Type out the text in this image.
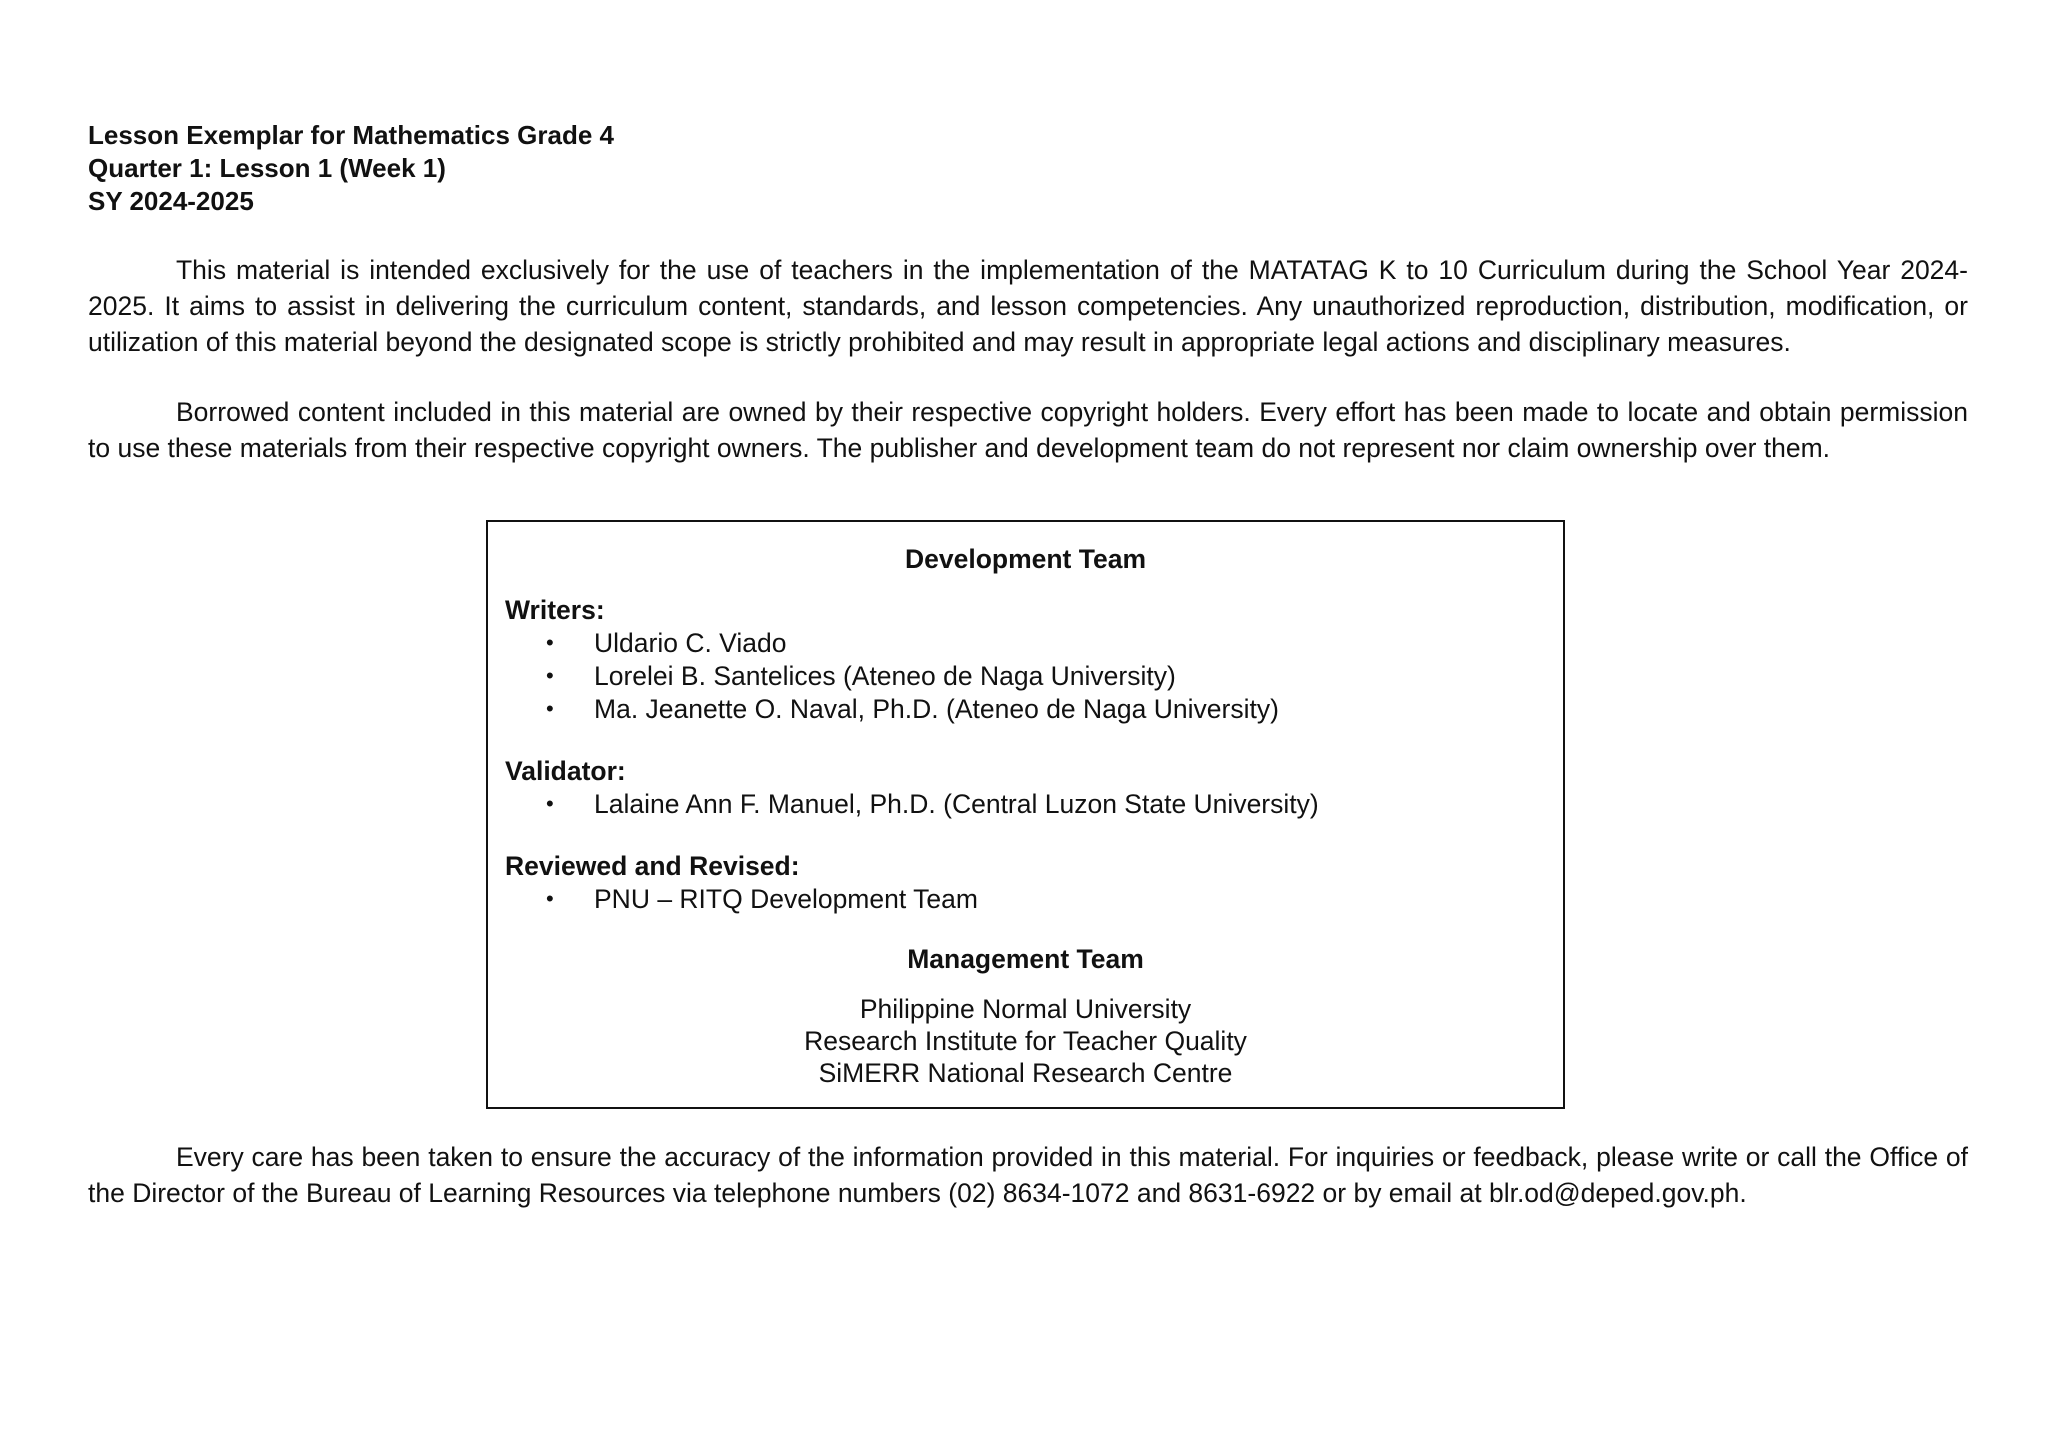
Lesson Exemplar for Mathematics Grade 4
Quarter 1: Lesson 1 (Week 1)
SY 2024-2025

This material is intended exclusively for the use of teachers in the implementation of the MATATAG K to 10 Curriculum during the School Year 2024-2025. It aims to assist in delivering the curriculum content, standards, and lesson competencies. Any unauthorized reproduction, distribution, modification, or utilization of this material beyond the designated scope is strictly prohibited and may result in appropriate legal actions and disciplinary measures.

Borrowed content included in this material are owned by their respective copyright holders. Every effort has been made to locate and obtain permission to use these materials from their respective copyright owners. The publisher and development team do not represent nor claim ownership over them.

Development Team
Writers:
• Uldario C. Viado
• Lorelei B. Santelices (Ateneo de Naga University)
• Ma. Jeanette O. Naval, Ph.D. (Ateneo de Naga University)
Validator:
• Lalaine Ann F. Manuel, Ph.D. (Central Luzon State University)
Reviewed and Revised:
• PNU – RITQ Development Team
Management Team
Philippine Normal University
Research Institute for Teacher Quality
SiMERR National Research Centre

Every care has been taken to ensure the accuracy of the information provided in this material. For inquiries or feedback, please write or call the Office of the Director of the Bureau of Learning Resources via telephone numbers (02) 8634-1072 and 8631-6922 or by email at blr.od@deped.gov.ph.
